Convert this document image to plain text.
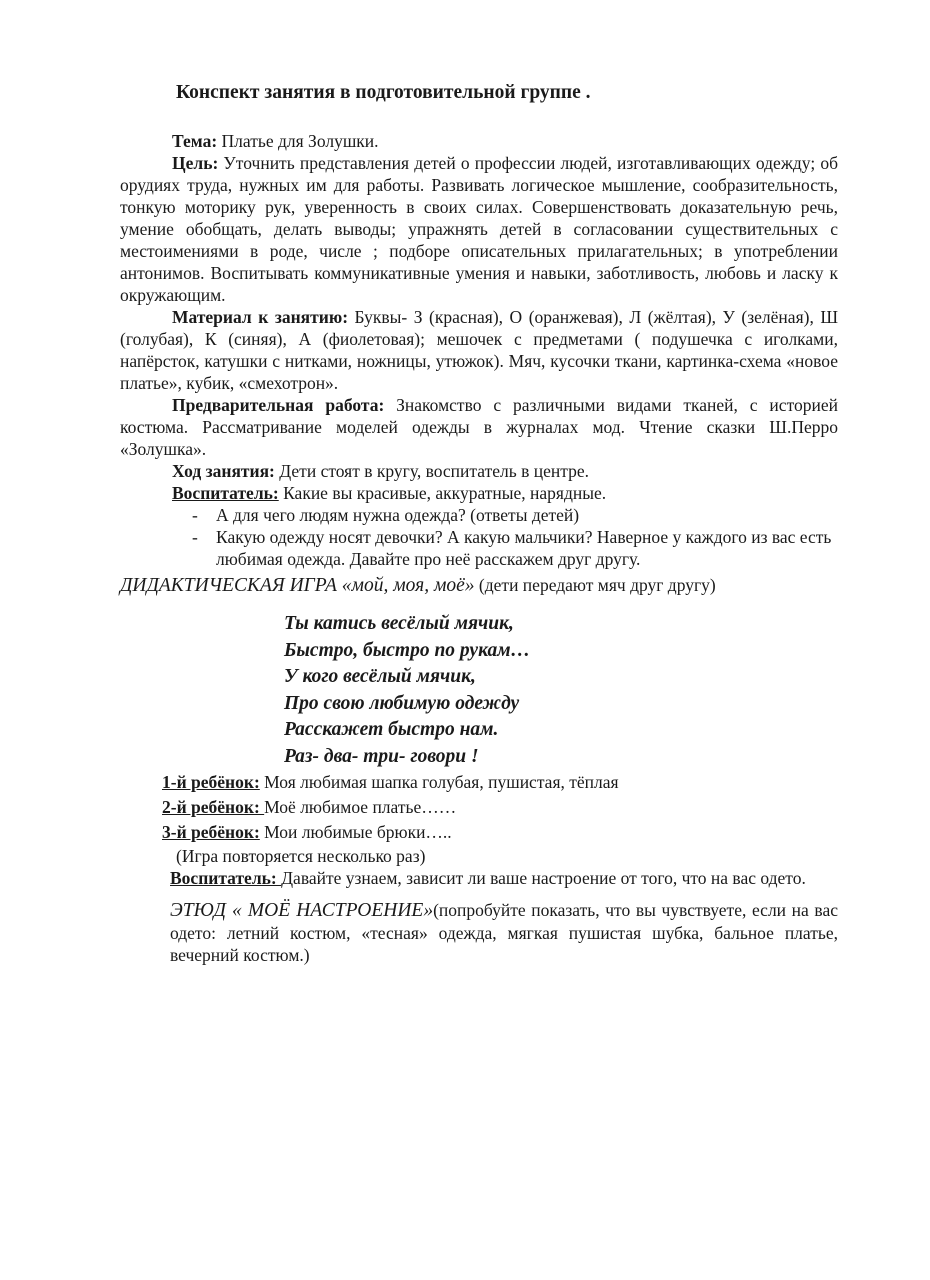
Конспект занятия в подготовительной группе .

Тема: Платье для Золушки.

Цель: Уточнить представления детей о профессии людей, изготавливающих одежду; об орудиях труда, нужных им для работы. Развивать логическое мышление, сообразительность, тонкую моторику рук, уверенность в своих силах. Совершенствовать доказательную речь, умение обобщать, делать выводы; упражнять детей в согласовании существительных с местоимениями в роде, числе ; подборе описательных прилагательных; в употреблении антонимов. Воспитывать коммуникативные умения и навыки, заботливость, любовь и ласку к окружающим.

Материал к занятию: Буквы- З (красная), О (оранжевая), Л (жёлтая), У (зелёная), Ш (голубая), К (синяя), А (фиолетовая); мешочек с предметами ( подушечка с иголками, напёрсток, катушки с нитками, ножницы, утюжок). Мяч, кусочки ткани, картинка-схема «новое платье», кубик, «смехотрон».

Предварительная работа: Знакомство с различными видами тканей, с историей костюма. Рассматривание моделей одежды в журналах мод. Чтение сказки Ш.Перро «Золушка».

Ход занятия: Дети стоят в кругу, воспитатель в центре.

Воспитатель: Какие вы красивые, аккуратные, нарядные.

- А для чего людям нужна одежда? (ответы детей)
- Какую одежду носят девочки? А какую мальчики? Наверное у каждого из вас есть любимая одежда. Давайте про неё расскажем друг другу.

ДИДАКТИЧЕСКАЯ ИГРА «мой, моя, моё» (дети передают мяч друг другу)

Ты катись весёлый мячик,
Быстро, быстро по рукам…
У кого весёлый мячик,
Про свою любимую одежду
Расскажет быстро нам.
Раз- два- три- говори !
1-й ребёнок: Моя любимая шапка голубая, пушистая, тёплая
2-й ребёнок: Моё любимое платье……
3-й ребёнок: Мои любимые брюки…..
(Игра повторяется несколько раз)

Воспитатель: Давайте узнаем, зависит ли ваше настроение от того, что на вас одето.

ЭТЮД « МОЁ НАСТРОЕНИЕ»(попробуйте показать, что вы чувствуете, если на вас одето: летний костюм, «тесная» одежда, мягкая пушистая шубка, бальное платье, вечерний костюм.)
